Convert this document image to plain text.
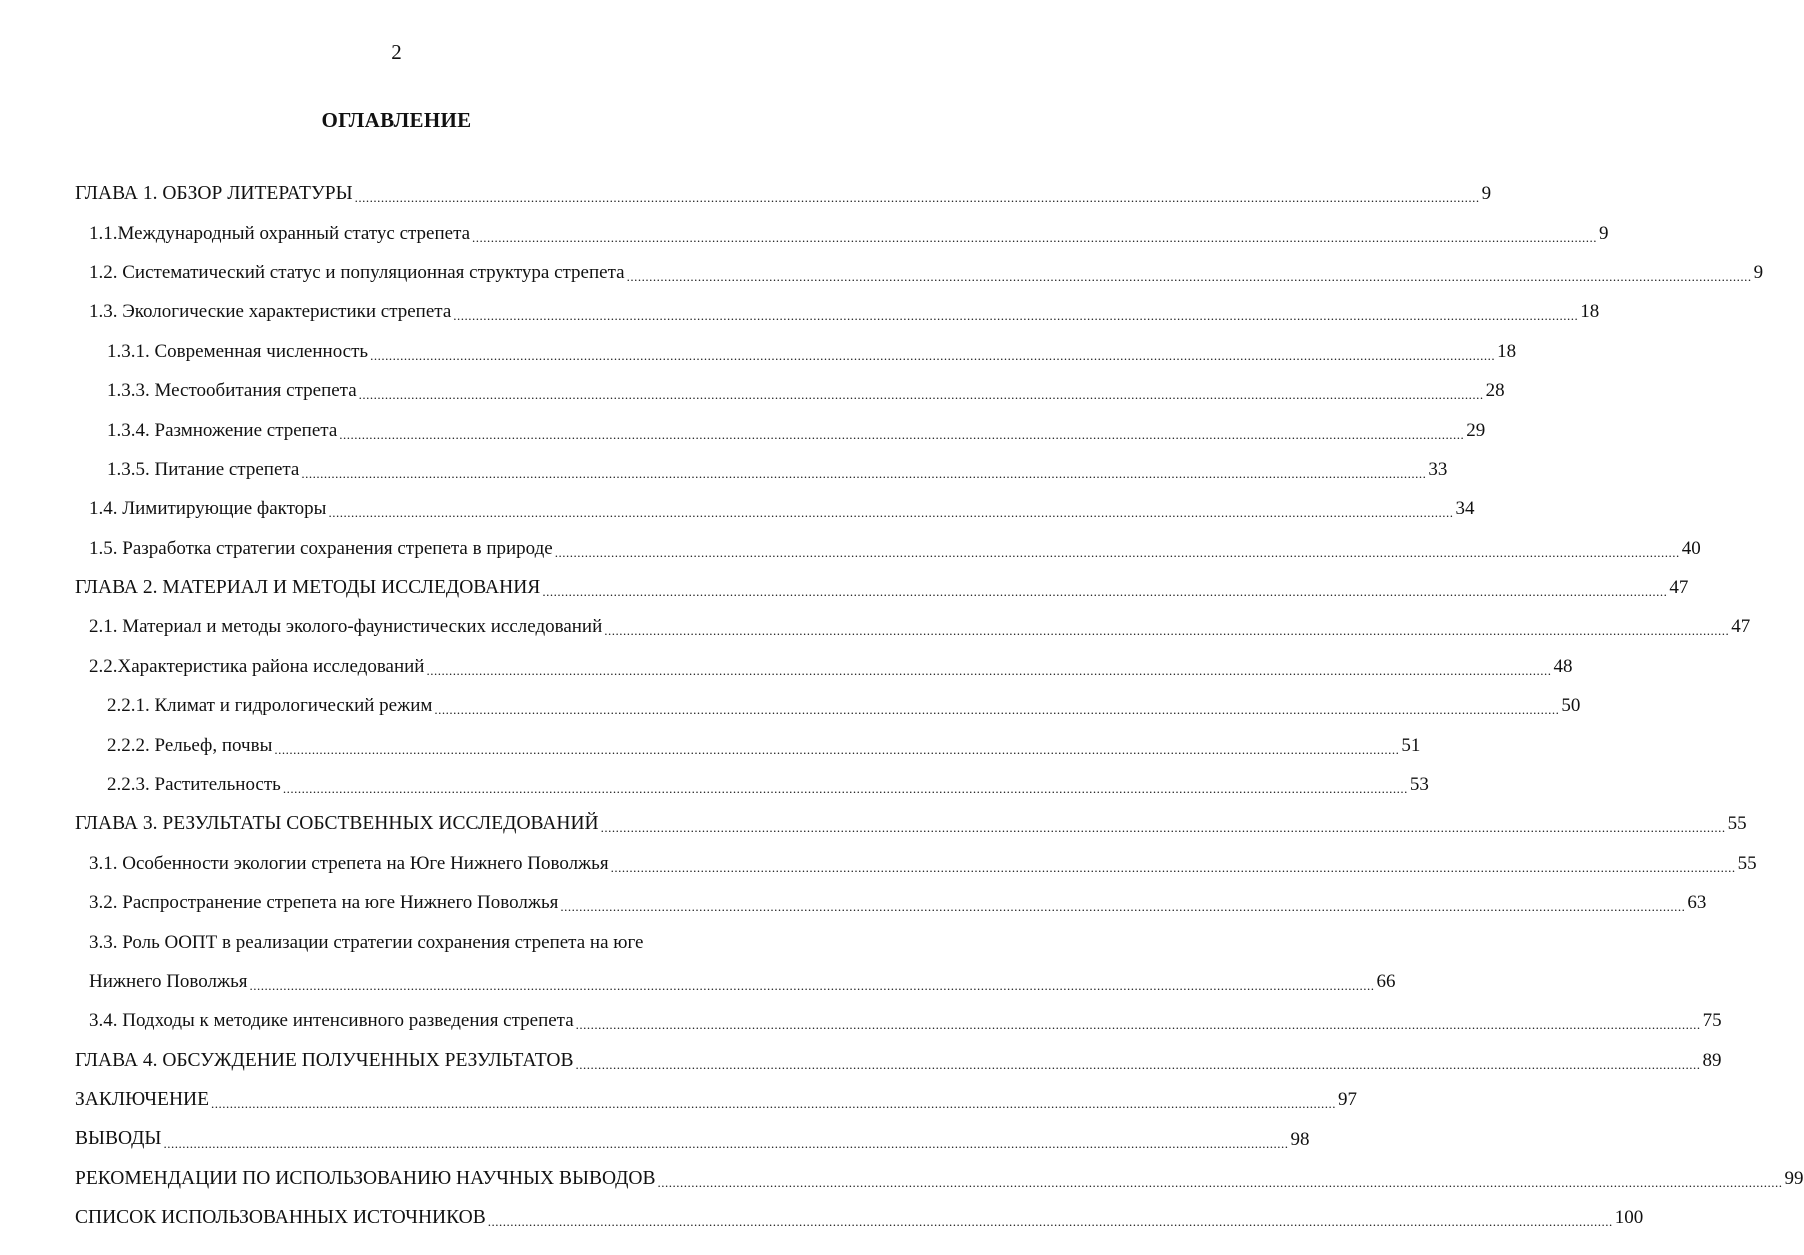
2
ОГЛАВЛЕНИЕ
ГЛАВА 1. ОБЗОР ЛИТЕРАТУРЫ ............................................................................................................................................................................................................................................................................................................ 9
1.1.Международный охранный статус стрепета ............................................................................................................................................................................................................................................................................................................ 9
1.2. Систематический статус и популяционная структура стрепета ............................................................................................................................................................................................................................................................................................................ 9
1.3. Экологические характеристики стрепета ............................................................................................................................................................................................................................................................................................................ 18
1.3.1. Современная численность ............................................................................................................................................................................................................................................................................................................ 18
1.3.3. Местообитания стрепета ............................................................................................................................................................................................................................................................................................................ 28
1.3.4. Размножение стрепета ............................................................................................................................................................................................................................................................................................................ 29
1.3.5. Питание стрепета ............................................................................................................................................................................................................................................................................................................ 33
1.4. Лимитирующие факторы ............................................................................................................................................................................................................................................................................................................ 34
1.5. Разработка стратегии сохранения стрепета в природе ............................................................................................................................................................................................................................................................................................................ 40
ГЛАВА 2. МАТЕРИАЛ И МЕТОДЫ ИССЛЕДОВАНИЯ ............................................................................................................................................................................................................................................................................................................ 47
2.1. Материал и методы эколого-фаунистических исследований ............................................................................................................................................................................................................................................................................................................ 47
2.2.Характеристика района исследований ............................................................................................................................................................................................................................................................................................................ 48
2.2.1. Климат и гидрологический режим ............................................................................................................................................................................................................................................................................................................ 50
2.2.2. Рельеф, почвы ............................................................................................................................................................................................................................................................................................................ 51
2.2.3. Растительность ............................................................................................................................................................................................................................................................................................................ 53
ГЛАВА 3. РЕЗУЛЬТАТЫ СОБСТВЕННЫХ ИССЛЕДОВАНИЙ ............................................................................................................................................................................................................................................................................................................ 55
3.1. Особенности экологии стрепета на Юге Нижнего Поволжья ............................................................................................................................................................................................................................................................................................................ 55
3.2. Распространение стрепета на юге Нижнего Поволжья ............................................................................................................................................................................................................................................................................................................ 63
3.3. Роль ООПТ в реализации стратегии сохранения стрепета на юге
Нижнего Поволжья ............................................................................................................................................................................................................................................................................................................ 66
3.4. Подходы к методике интенсивного разведения стрепета ............................................................................................................................................................................................................................................................................................................ 75
ГЛАВА 4. ОБСУЖДЕНИЕ ПОЛУЧЕННЫХ РЕЗУЛЬТАТОВ ............................................................................................................................................................................................................................................................................................................ 89
ЗАКЛЮЧЕНИЕ ............................................................................................................................................................................................................................................................................................................ 97
ВЫВОДЫ ............................................................................................................................................................................................................................................................................................................ 98
РЕКОМЕНДАЦИИ ПО ИСПОЛЬЗОВАНИЮ НАУЧНЫХ ВЫВОДОВ ............................................................................................................................................................................................................................................................................................................ 99
СПИСОК ИСПОЛЬЗОВАННЫХ ИСТОЧНИКОВ ............................................................................................................................................................................................................................................................................................................ 100
